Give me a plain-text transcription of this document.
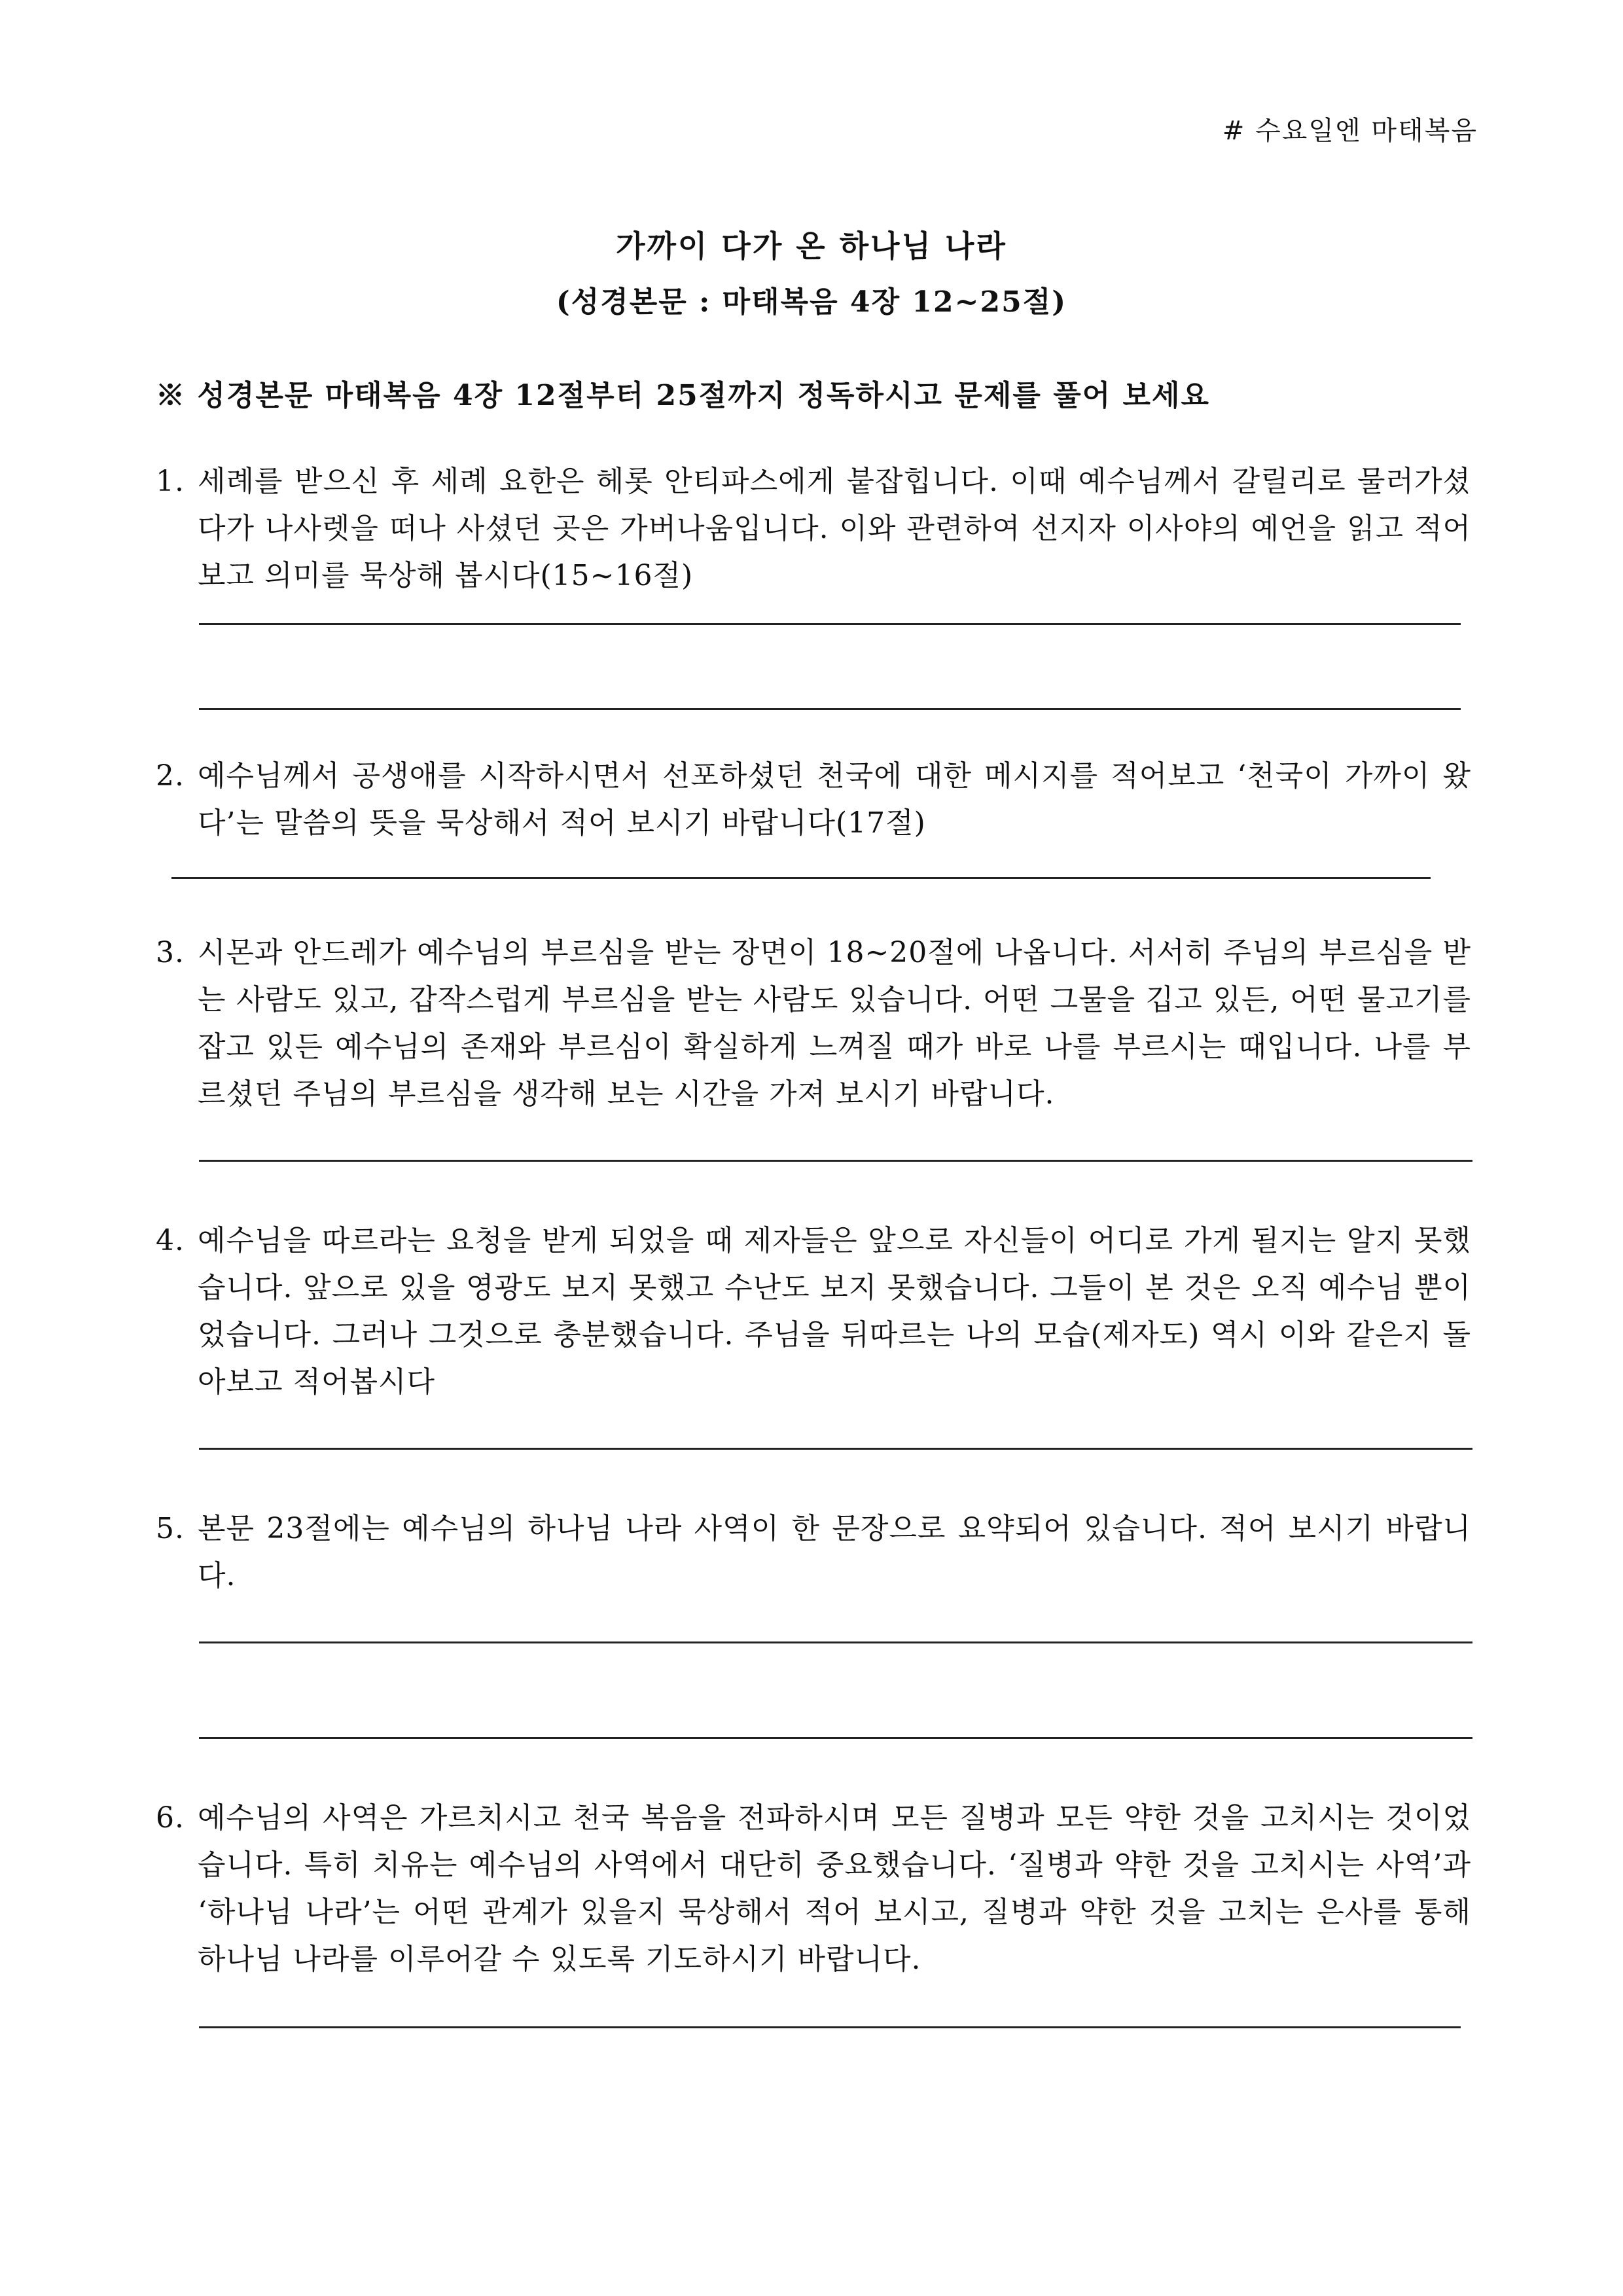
# 수요일엔 마태복음
가까이 다가 온 하나님 나라
(성경본문 : 마태복음 4장 12~25절)
※ 성경본문 마태복음 4장 12절부터 25절까지 정독하시고 문제를 풀어 보세요
1. 세례를 받으신 후 세례 요한은 헤롯 안티파스에게 붙잡힙니다. 이때 예수님께서 갈릴리로 물러가셨다가 나사렛을 떠나 사셨던 곳은 가버나움입니다. 이와 관련하여 선지자 이사야의 예언을 읽고 적어보고 의미를 묵상해 봅시다(15~16절)
2. 예수님께서 공생애를 시작하시면서 선포하셨던 천국에 대한 메시지를 적어보고 ‘천국이 가까이 왔다’는 말씀의 뜻을 묵상해서 적어 보시기 바랍니다(17절)
3. 시몬과 안드레가 예수님의 부르심을 받는 장면이 18~20절에 나옵니다. 서서히 주님의 부르심을 받는 사람도 있고, 갑작스럽게 부르심을 받는 사람도 있습니다. 어떤 그물을 깁고 있든, 어떤 물고기를 잡고 있든 예수님의 존재와 부르심이 확실하게 느껴질 때가 바로 나를 부르시는 때입니다. 나를 부르셨던 주님의 부르심을 생각해 보는 시간을 가져 보시기 바랍니다.
4. 예수님을 따르라는 요청을 받게 되었을 때 제자들은 앞으로 자신들이 어디로 가게 될지는 알지 못했습니다. 앞으로 있을 영광도 보지 못했고 수난도 보지 못했습니다. 그들이 본 것은 오직 예수님 뿐이었습니다. 그러나 그것으로 충분했습니다. 주님을 뒤따르는 나의 모습(제자도) 역시 이와 같은지 돌아보고 적어봅시다
5. 본문 23절에는 예수님의 하나님 나라 사역이 한 문장으로 요약되어 있습니다. 적어 보시기 바랍니다.
6. 예수님의 사역은 가르치시고 천국 복음을 전파하시며 모든 질병과 모든 약한 것을 고치시는 것이었습니다. 특히 치유는 예수님의 사역에서 대단히 중요했습니다. ‘질병과 약한 것을 고치시는 사역’과 ‘하나님 나라’는 어떤 관계가 있을지 묵상해서 적어 보시고, 질병과 약한 것을 고치는 은사를 통해 하나님 나라를 이루어갈 수 있도록 기도하시기 바랍니다.
